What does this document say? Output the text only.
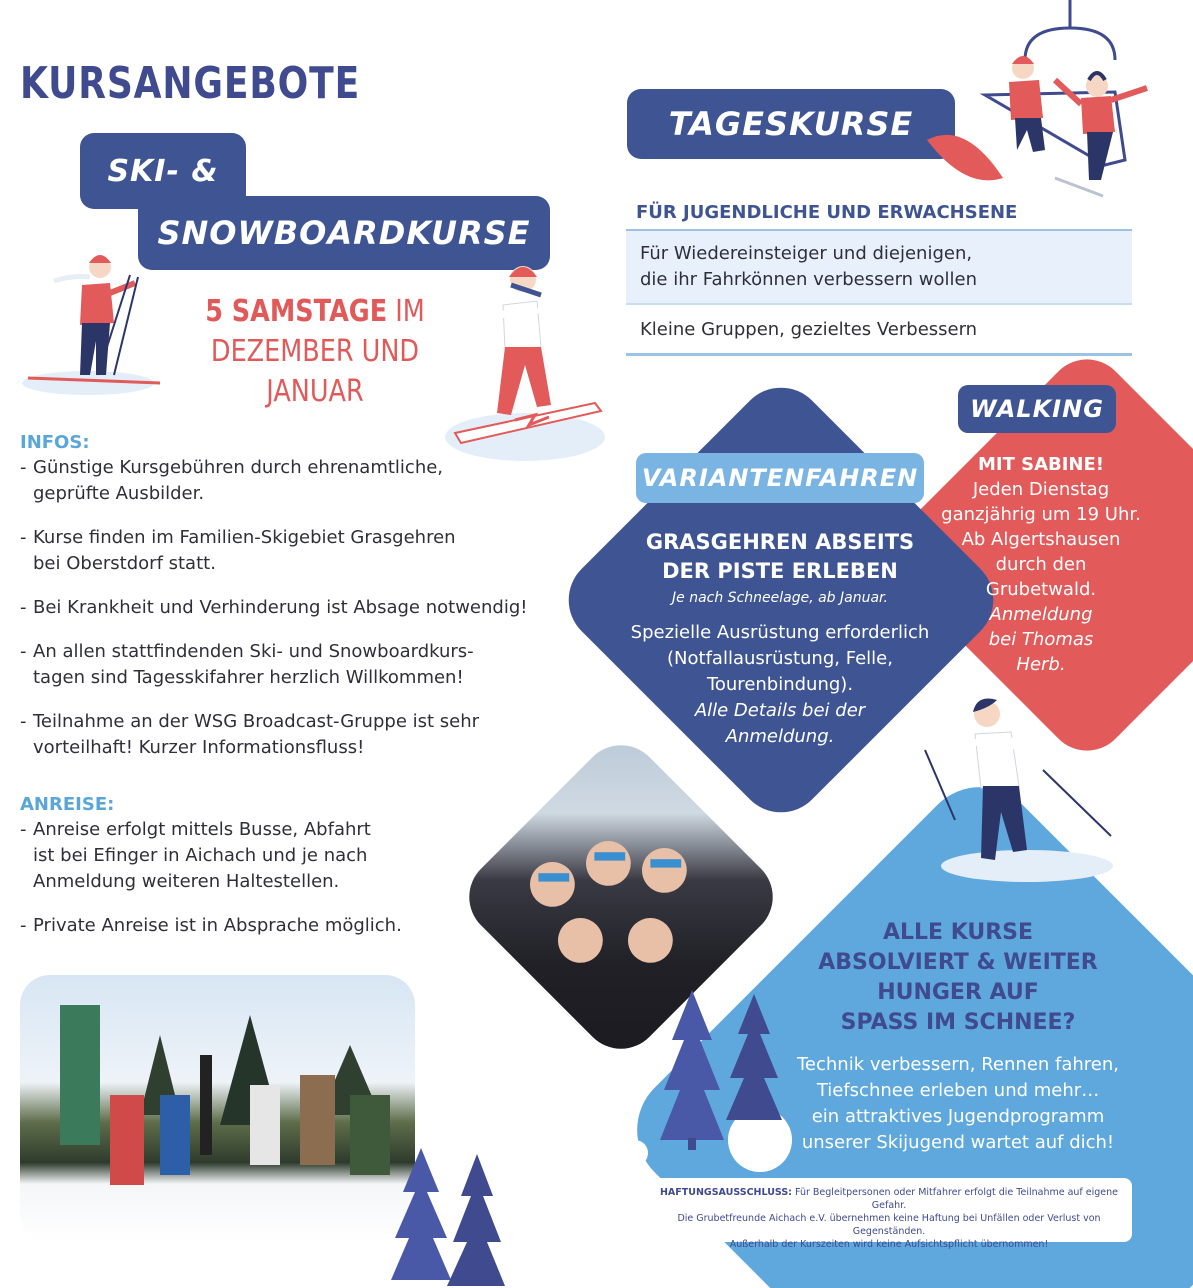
KURSANGEBOTE
SKI- &
SNOWBOARDKURSE
5 SAMSTAGE IM
DEZEMBER UND JANUAR
INFOS:
- Günstige Kursgebühren durch ehrenamtliche, geprüfte Ausbilder.
- Kurse finden im Familien-Skigebiet Grasgehren bei Oberstdorf statt.
- Bei Krankheit und Verhinderung ist Absage notwendig!
- An allen stattfindenden Ski- und Snowboardkurs-tagen sind Tagesskifahrer herzlich Willkommen!
- Teilnahme an der WSG Broadcast-Gruppe ist sehr vorteilhaft! Kurzer Informationsfluss!
ANREISE:
- Anreise erfolgt mittels Busse, Abfahrt ist bei Efinger in Aichach und je nach Anmeldung weiteren Haltestellen.
- Private Anreise ist in Absprache möglich.
TAGESKURSE
FÜR JUGENDLICHE UND ERWACHSENE
Für Wiedereinsteiger und diejenigen,
die ihr Fahrkönnen verbessern wollen
Kleine Gruppen, gezieltes Verbessern
WALKING
MIT SABINE!
Jeden Dienstag
ganzjährig um 19 Uhr.
Ab Algertshausen
durch den
Grubetwald.
Anmeldung
bei Thomas
Herb.
VARIANTENFAHREN
GRASGEHREN ABSEITS
DER PISTE ERLEBEN
Je nach Schneelage, ab Januar.
Spezielle Ausrüstung erforderlich
(Notfallausrüstung, Felle,
Tourenbindung).
Alle Details bei der
Anmeldung.
ALLE KURSE
ABSOLVIERT & WEITER
HUNGER AUF
SPASS IM SCHNEE?
Technik verbessern, Rennen fahren,
Tiefschnee erleben und mehr…
ein attraktives Jugendprogramm
unserer Skijugend wartet auf dich!
HAFTUNGSAUSSCHLUSS: Für Begleitpersonen oder Mitfahrer erfolgt die Teilnahme auf eigene Gefahr.
Die Grubetfreunde Aichach e.V. übernehmen keine Haftung bei Unfällen oder Verlust von Gegenständen.
Außerhalb der Kurszeiten wird keine Aufsichtspflicht übernommen!
